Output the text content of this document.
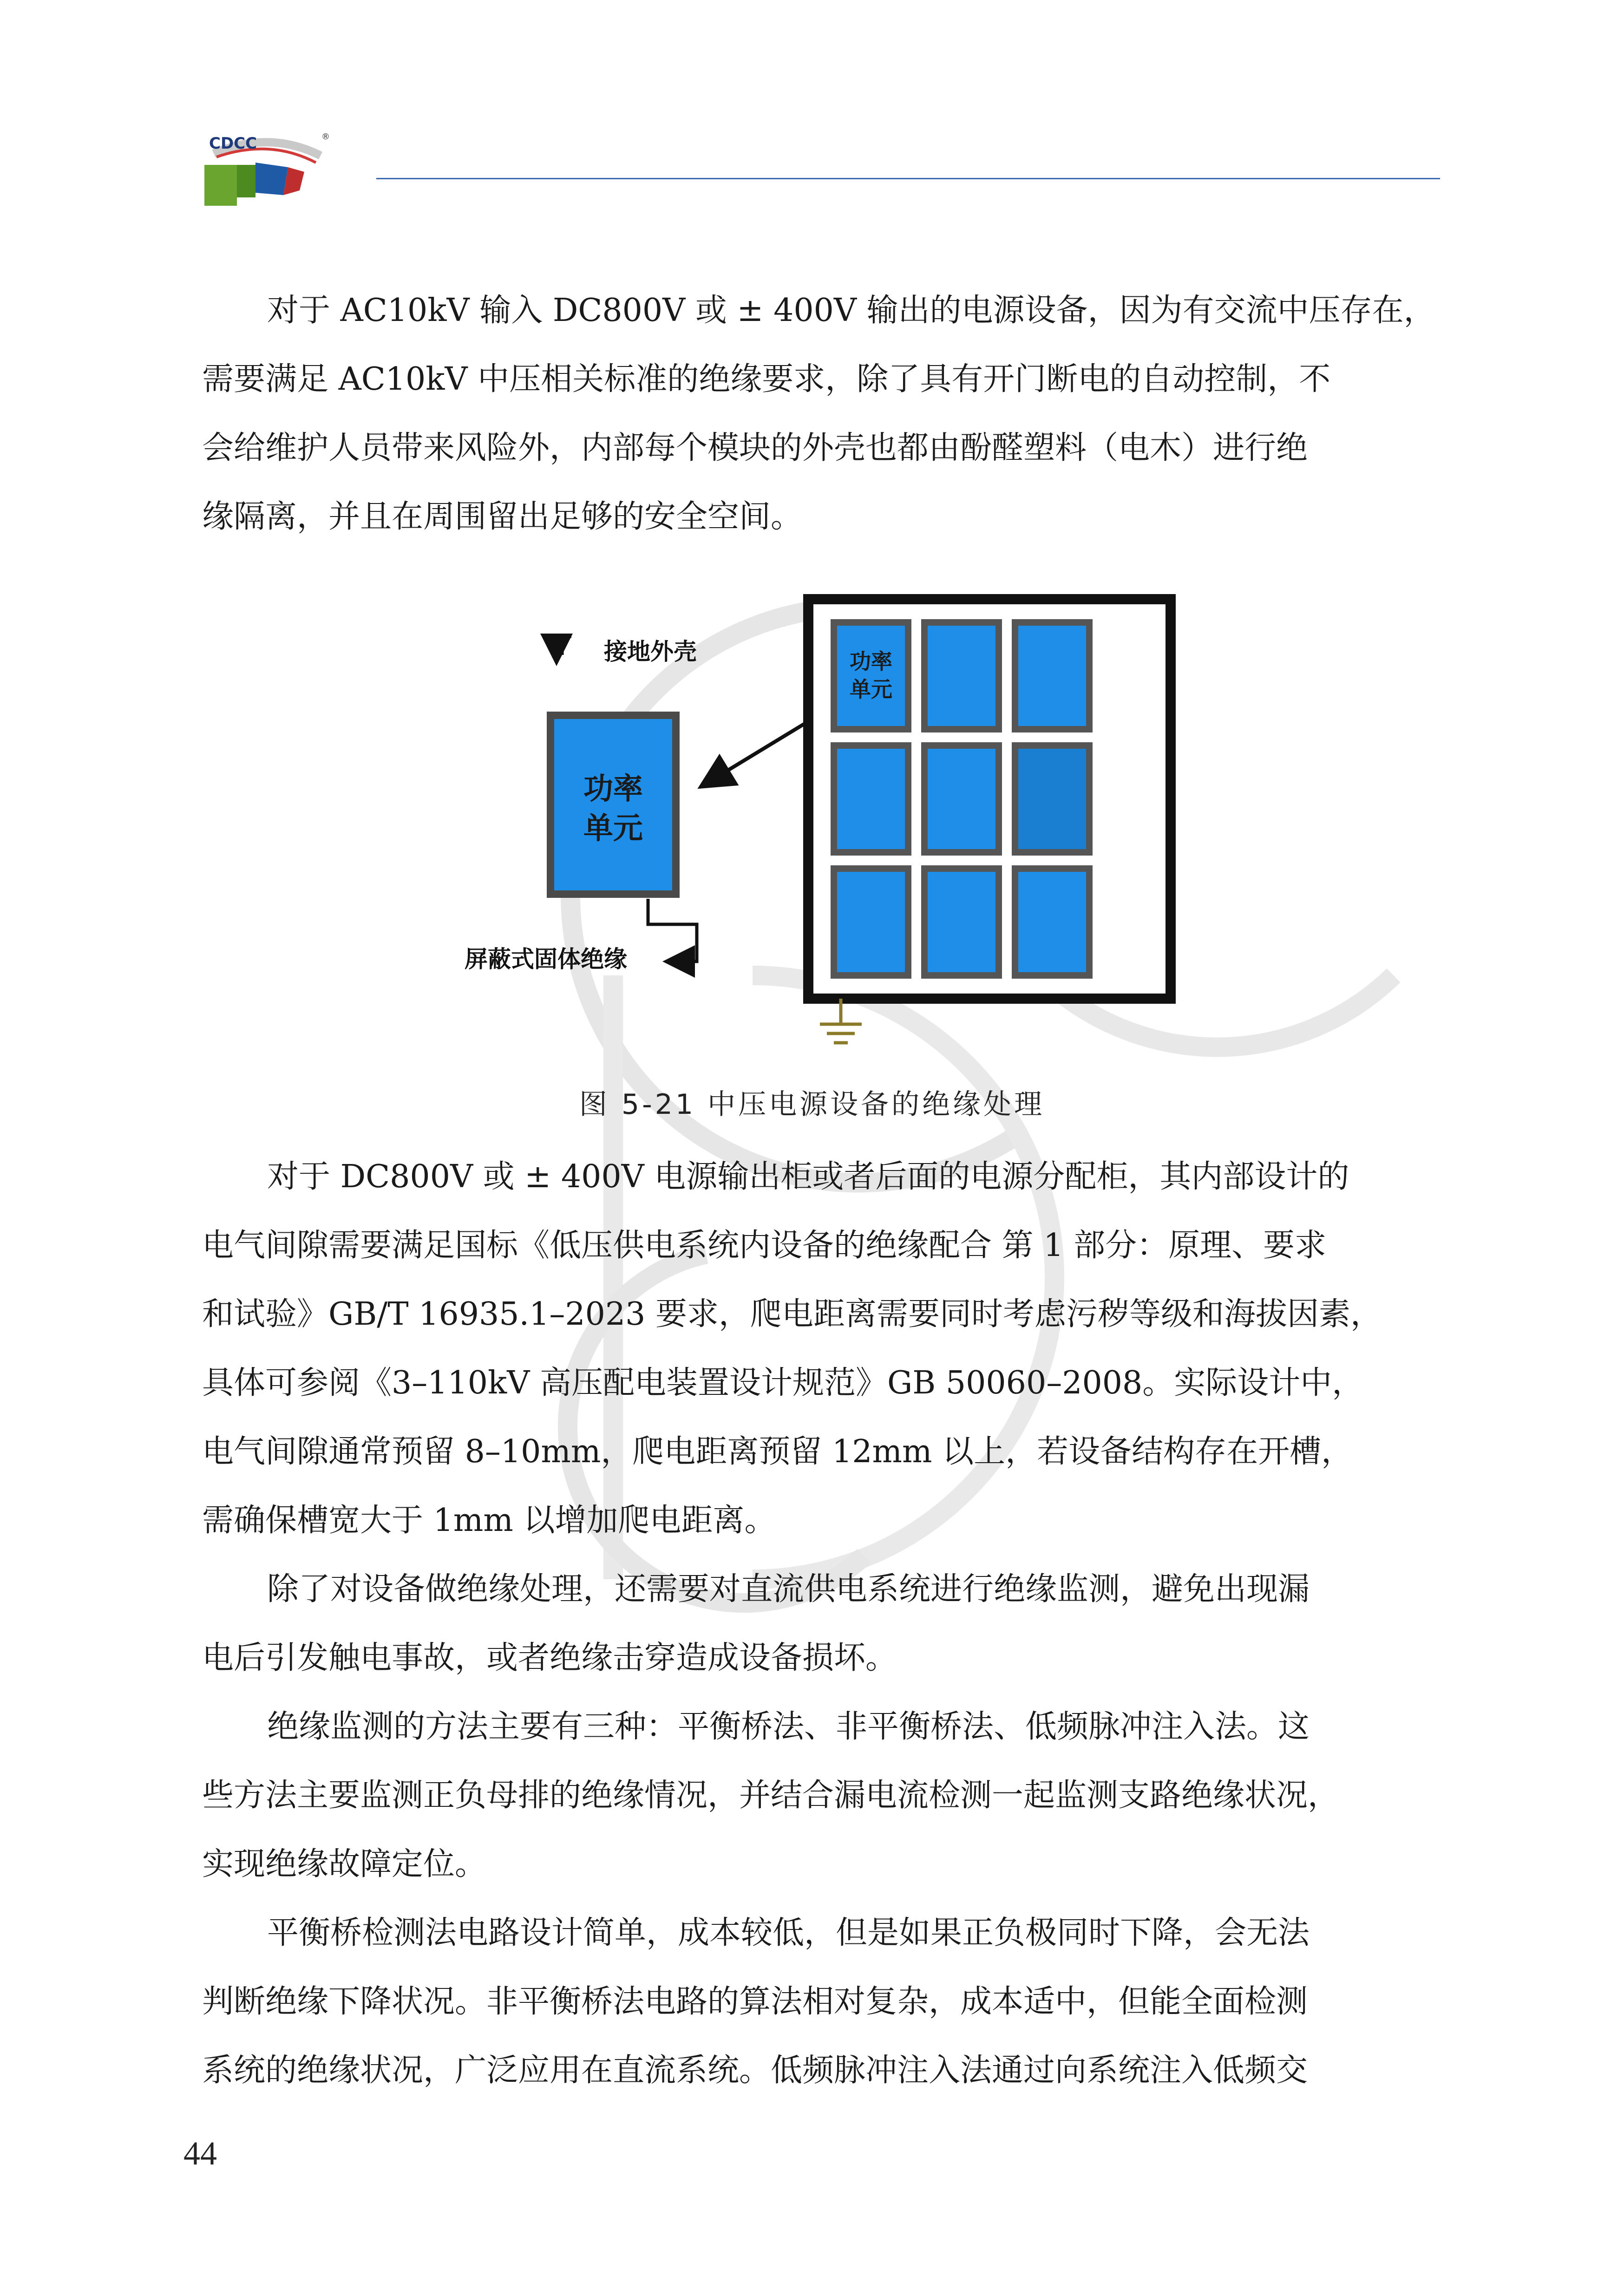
CDCC	®

对于 AC10kV 输入 DC800V 或 ± 400V 输出的电源设备，因为有交流中压存在，
需要满足 AC10kV 中压相关标准的绝缘要求，除了具有开门断电的自动控制，不
会给维护人员带来风险外，内部每个模块的外壳也都由酚醛塑料（电木）进行绝
缘隔离，并且在周围留出足够的安全空间。

接地外壳
功率
单元
屏蔽式固体绝缘
功率
单元
图 5-21 中压电源设备的绝缘处理

对于 DC800V 或 ± 400V 电源输出柜或者后面的电源分配柜，其内部设计的
电气间隙需要满足国标《低压供电系统内设备的绝缘配合 第 1 部分：原理、要求
和试验》GB/T 16935.1–2023 要求，爬电距离需要同时考虑污秽等级和海拔因素，
具体可参阅《3–110kV 高压配电装置设计规范》GB 50060–2008。实际设计中，
电气间隙通常预留 8–10mm，爬电距离预留 12mm 以上，若设备结构存在开槽，
需确保槽宽大于 1mm 以增加爬电距离。

除了对设备做绝缘处理，还需要对直流供电系统进行绝缘监测，避免出现漏
电后引发触电事故，或者绝缘击穿造成设备损坏。

绝缘监测的方法主要有三种：平衡桥法、非平衡桥法、低频脉冲注入法。这
些方法主要监测正负母排的绝缘情况，并结合漏电流检测一起监测支路绝缘状况，
实现绝缘故障定位。

平衡桥检测法电路设计简单，成本较低，但是如果正负极同时下降，会无法
判断绝缘下降状况。非平衡桥法电路的算法相对复杂，成本适中，但能全面检测
系统的绝缘状况，广泛应用在直流系统。低频脉冲注入法通过向系统注入低频交

44
